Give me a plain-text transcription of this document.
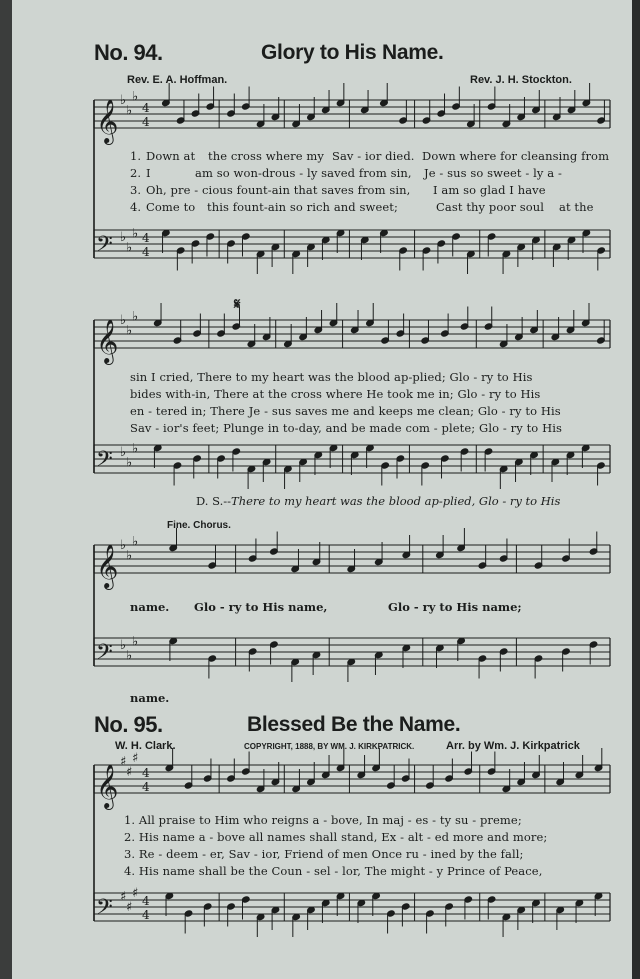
𝄞 ♭
♭
♭
4
4
𝄢 ♭
♭
♭ 4
4
𝄞 ♭
♭
♭
𝄢 ♭
♭
♭
𝄞 ♭
♭
♭
𝄢 ♭
♭
♭
𝄞
♯
♯
♯
4
4
𝄢 ♯
♯
♯ 4
4
No. 94.	Glory to His Name.
Rev. E. A. Hoffman.	Rev. J. H. Stockton.
1. Down at the cross where my Sav - ior died. Down where for cleansing from
2. I	am so won-drous - ly saved from sin, Je - sus so sweet - ly a -
3. Oh, pre - cious fount-ain that saves from sin, I am so glad I have
4. Come to this fount-ain so rich and sweet;	Cast thy poor soul at the
𝄋
sin I cried, There to my heart was the blood ap-plied; Glo - ry to His
bides with-in, There at the cross where He took me in; Glo - ry to His
en - tered in; There Je - sus saves me and keeps me clean; Glo - ry to His
Sav - ior's feet; Plunge in to-day, and be made com - plete; Glo - ry to His
D. S.--There to my heart was the blood ap-plied, Glo - ry to His
Fine. Chorus.
name. Glo - ry to His name,	Glo - ry to His name;
name.
No. 95.	Blessed Be the Name.
W. H. Clark.	COPYRIGHT, 1888, BY WM. J. KIRKPATRICK.	Arr. by Wm. J. Kirkpatrick
1. All praise to Him who reigns a - bove, In maj - es - ty su - preme;
2. His name a - bove all names shall stand, Ex - alt - ed more and more;
3. Re - deem - er, Sav - ior, Friend of men Once ru - ined by the fall;
4. His name shall be the Coun - sel - lor, The might - y Prince of Peace,
